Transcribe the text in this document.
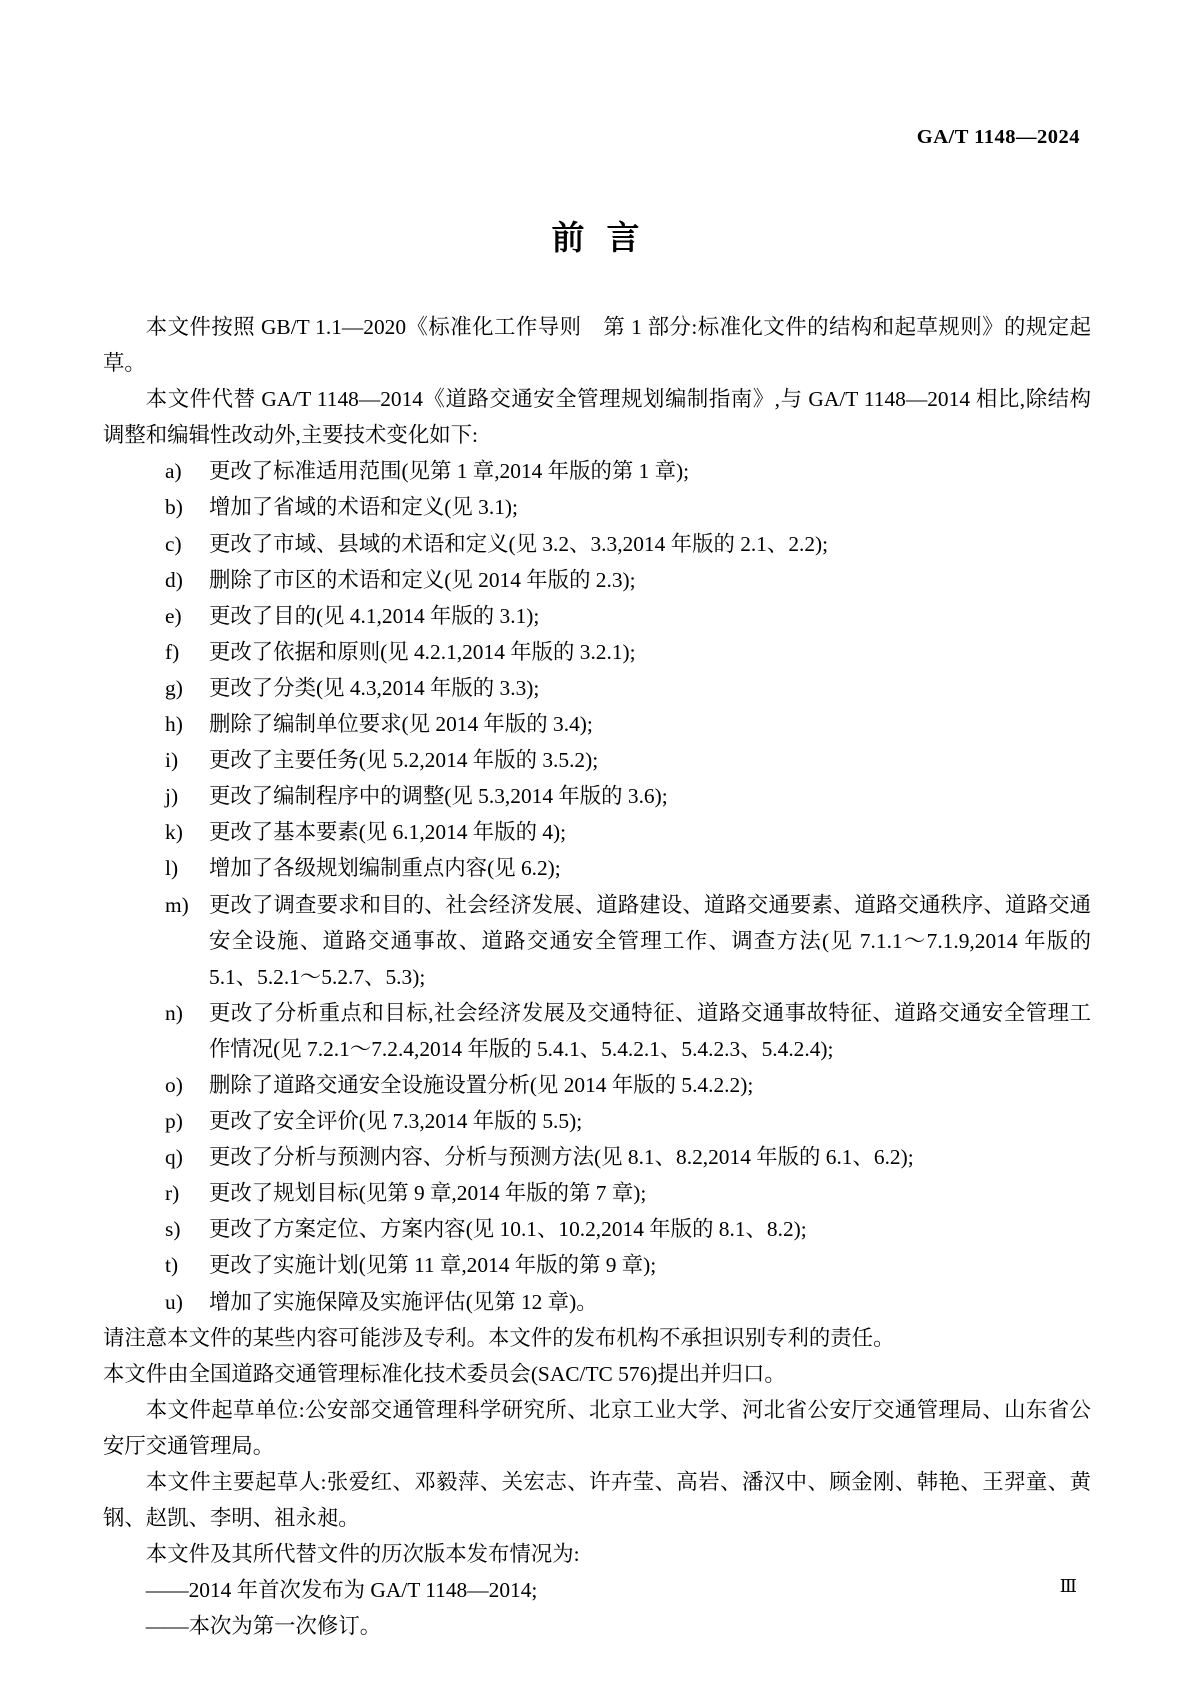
GA/T 1148—2024
前言

本文件按照 GB/T 1.1—2020《标准化工作导则　第 1 部分:标准化文件的结构和起草规则》的规定起草。

本文件代替 GA/T 1148—2014《道路交通安全管理规划编制指南》,与 GA/T 1148—2014 相比,除结构调整和编辑性改动外,主要技术变化如下:

a)	更改了标准适用范围(见第 1 章,2014 年版的第 1 章);
b)	增加了省域的术语和定义(见 3.1);
c)	更改了市域、县域的术语和定义(见 3.2、3.3,2014 年版的 2.1、2.2);
d)	删除了市区的术语和定义(见 2014 年版的 2.3);
e)	更改了目的(见 4.1,2014 年版的 3.1);
f)	更改了依据和原则(见 4.2.1,2014 年版的 3.2.1);
g)	更改了分类(见 4.3,2014 年版的 3.3);
h)	删除了编制单位要求(见 2014 年版的 3.4);
i)	更改了主要任务(见 5.2,2014 年版的 3.5.2);
j)	更改了编制程序中的调整(见 5.3,2014 年版的 3.6);
k)	更改了基本要素(见 6.1,2014 年版的 4);
l)	增加了各级规划编制重点内容(见 6.2);
m) 更改了调查要求和目的、社会经济发展、道路建设、道路交通要素、道路交通秩序、道路交通安全设施、道路交通事故、道路交通安全管理工作、调查方法(见 7.1.1～7.1.9,2014 年版的 5.1、5.2.1～5.2.7、5.3);
n)	更改了分析重点和目标,社会经济发展及交通特征、道路交通事故特征、道路交通安全管理工作情况(见 7.2.1～7.2.4,2014 年版的 5.4.1、5.4.2.1、5.4.2.3、5.4.2.4);
o)	删除了道路交通安全设施设置分析(见 2014 年版的 5.4.2.2);
p)	更改了安全评价(见 7.3,2014 年版的 5.5);
q)	更改了分析与预测内容、分析与预测方法(见 8.1、8.2,2014 年版的 6.1、6.2);
r)	更改了规划目标(见第 9 章,2014 年版的第 7 章);
s)	更改了方案定位、方案内容(见 10.1、10.2,2014 年版的 8.1、8.2);
t)	更改了实施计划(见第 11 章,2014 年版的第 9 章);
u)	增加了实施保障及实施评估(见第 12 章)。

请注意本文件的某些内容可能涉及专利。本文件的发布机构不承担识别专利的责任。

本文件由全国道路交通管理标准化技术委员会(SAC/TC 576)提出并归口。

本文件起草单位:公安部交通管理科学研究所、北京工业大学、河北省公安厅交通管理局、山东省公安厅交通管理局。

本文件主要起草人:张爱红、邓毅萍、关宏志、许卉莹、高岩、潘汉中、顾金刚、韩艳、王羿童、黄钢、赵凯、李明、祖永昶。

本文件及其所代替文件的历次版本发布情况为:

——2014 年首次发布为 GA/T 1148—2014;

——本次为第一次修订。

Ⅲ
